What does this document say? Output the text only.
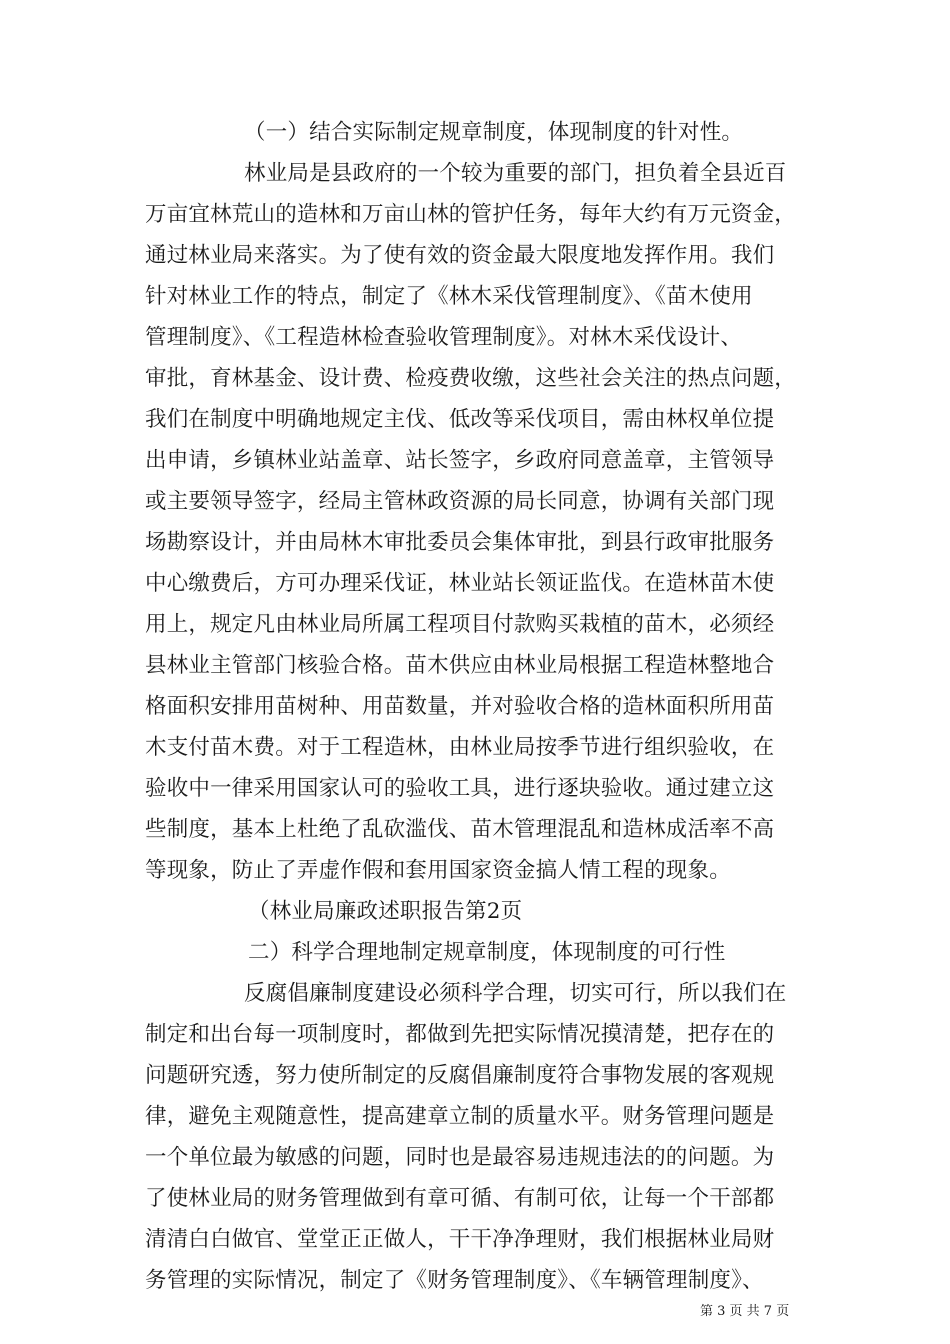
（一）结合实际制定规章制度，体现制度的针对性。
林业局是县政府的一个较为重要的部门，担负着全县近百
万亩宜林荒山的造林和万亩山林的管护任务，每年大约有万元资金，
通过林业局来落实。为了使有效的资金最大限度地发挥作用。我们
针对林业工作的特点，制定了《林木采伐管理制度》、《苗木使用
管理制度》、《工程造林检查验收管理制度》。对林木采伐设计、
审批，育林基金、设计费、检疫费收缴，这些社会关注的热点问题，
我们在制度中明确地规定主伐、低改等采伐项目，需由林权单位提
出申请，乡镇林业站盖章、站长签字，乡政府同意盖章，主管领导
或主要领导签字，经局主管林政资源的局长同意，协调有关部门现
场勘察设计，并由局林木审批委员会集体审批，到县行政审批服务
中心缴费后，方可办理采伐证，林业站长领证监伐。在造林苗木使
用上，规定凡由林业局所属工程项目付款购买栽植的苗木，必须经
县林业主管部门核验合格。苗木供应由林业局根据工程造林整地合
格面积安排用苗树种、用苗数量，并对验收合格的造林面积所用苗
木支付苗木费。对于工程造林，由林业局按季节进行组织验收，在
验收中一律采用国家认可的验收工具，进行逐块验收。通过建立这
些制度，基本上杜绝了乱砍滥伐、苗木管理混乱和造林成活率不高
等现象，防止了弄虚作假和套用国家资金搞人情工程的现象。
（林业局廉政述职报告第2页
二）科学合理地制定规章制度，体现制度的可行性
反腐倡廉制度建设必须科学合理，切实可行，所以我们在
制定和出台每一项制度时，都做到先把实际情况摸清楚，把存在的
问题研究透，努力使所制定的反腐倡廉制度符合事物发展的客观规
律，避免主观随意性，提高建章立制的质量水平。财务管理问题是
一个单位最为敏感的问题，同时也是最容易违规违法的的问题。为
了使林业局的财务管理做到有章可循、有制可依，让每一个干部都
清清白白做官、堂堂正正做人，干干净净理财，我们根据林业局财
务管理的实际情况，制定了《财务管理制度》、《车辆管理制度》、
第 3 页 共 7 页
